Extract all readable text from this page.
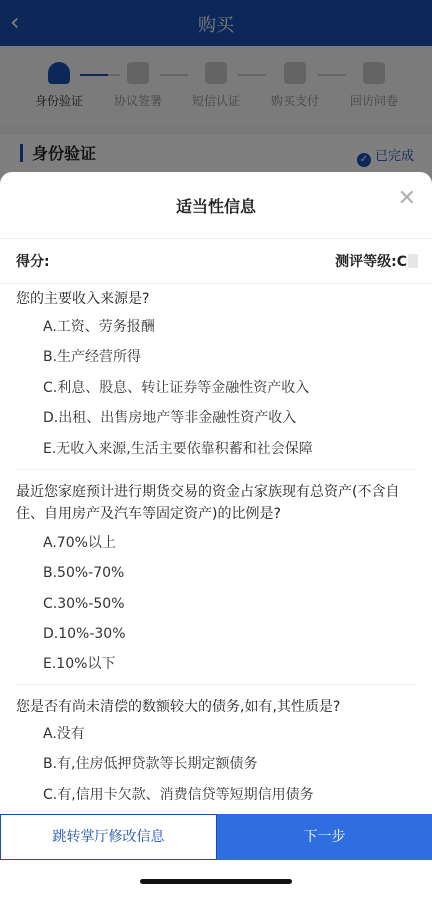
适当性信息	✕
得分:	测评等级:C
您的主要收入来源是?
A.工资、劳务报酬
B.生产经营所得
C.利息、股息、转让证券等金融性资产收入
D.出租、出售房地产等非金融性资产收入
E.无收入来源,生活主要依靠积蓄和社会保障
最近您家庭预计进行期货交易的资金占家族现有总资产(不含自住、自用房产及汽车等固定资产)的比例是?
A.70%以上
B.50%-70%
C.30%-50%
D.10%-30%
E.10%以下
您是否有尚未清偿的数额较大的债务,如有,其性质是?
A.没有
B.有,住房低押贷款等长期定额债务
C.有,信用卡欠款、消费信贷等短期信用债务
跳转掌厅修改信息	下一步
